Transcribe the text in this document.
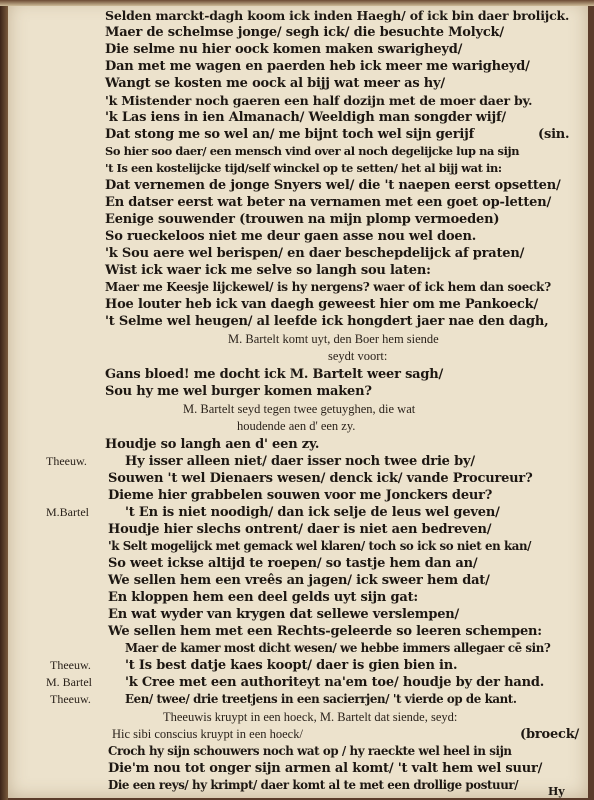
Selden marckt-dagh koom ick inden Haegh/ of ick bin daer brolijck.
Maer de schelmse jonge/ segh ick/ die besuchte Molyck/
Die selme nu hier oock komen maken swarigheyd/
Dan met me wagen en paerden heb ick meer me warigheyd/
Wangt se kosten me oock al bijj wat meer as hy/
'k Mistender noch gaeren een half dozijn met de moer daer by.
'k Las iens in ien Almanach/ Weeldigh man songder wijf/
Dat stong me so wel an/ me bijnt toch wel sijn gerijf	(sin.
So hier soo daer/ een mensch vind over al noch degelijcke lup na sijn
't Is een kostelijcke tijd/self winckel op te setten/ het al bijj wat in:
Dat vernemen de jonge Snyers wel/ die 't naepen eerst opsetten/
En datser eerst wat beter na vernamen met een goet op-letten/
Eenige souwender (trouwen na mijn plomp vermoeden)
So rueckeloos niet me deur gaen asse nou wel doen.
'k Sou aere wel berispen/ en daer beschepdelijck af praten/
Wist ick waer ick me selve so langh sou laten:
Maer me Keesje lijckewel/ is hy nergens? waer of ick hem dan soeck?
Hoe louter heb ick van daegh geweest hier om me Pankoeck/
't Selme wel heugen/ al leefde ick hongdert jaer nae den dagh,
M. Bartelt komt uyt, den Boer hem siende
seydt voort:
Gans bloed! me docht ick M. Bartelt weer sagh/
Sou hy me wel burger komen maken?
M. Bartelt seyd tegen twee getuyghen, die wat
houdende aen d' een zy.
Houdje so langh aen d' een zy.
Theeuw.	Hy isser alleen niet/ daer isser noch twee drie by/
Souwen 't wel Dienaers wesen/ denck ick/ vande Procureur?
Dieme hier grabbelen souwen voor me Jonckers deur?
M.Bartel	't En is niet noodigh/ dan ick selje de leus wel geven/
Houdje hier slechs ontrent/ daer is niet aen bedreven/
'k Selt mogelijck met gemack wel klaren/ toch so ick so niet en kan/
So weet ickse altijd te roepen/ so tastje hem dan an/
We sellen hem een vreês an jagen/ ick sweer hem dat/
En kloppen hem een deel gelds uyt sijn gat:
En wat wyder van krygen dat sellewe verslempen/
We sellen hem met een Rechts-geleerde so leeren schempen:
Maer de kamer most dicht wesen/ we hebbe immers allegaer cē sin?
Theeuw.	't Is best datje kaes koopt/ daer is gien bien in.
M. Bartel	'k Cree met een authoriteyt na'em toe/ houdje by der hand.
Theeuw.	Een/ twee/ drie treetjens in een sacierrjen/ 't vierde op de kant.
Theeuwis kruypt in een hoeck, M. Bartelt dat siende, seyd:
Hic sibi conscius kruypt in een hoeck/	(broeck/
Croch hy sijn schouwers noch wat op / hy raeckte wel heel in sijn
Die'm nou tot onger sijn armen al komt/ 't valt hem wel suur/
Die een reys/ hy krimpt/ daer komt al te met een drollige postuur/	Hy
